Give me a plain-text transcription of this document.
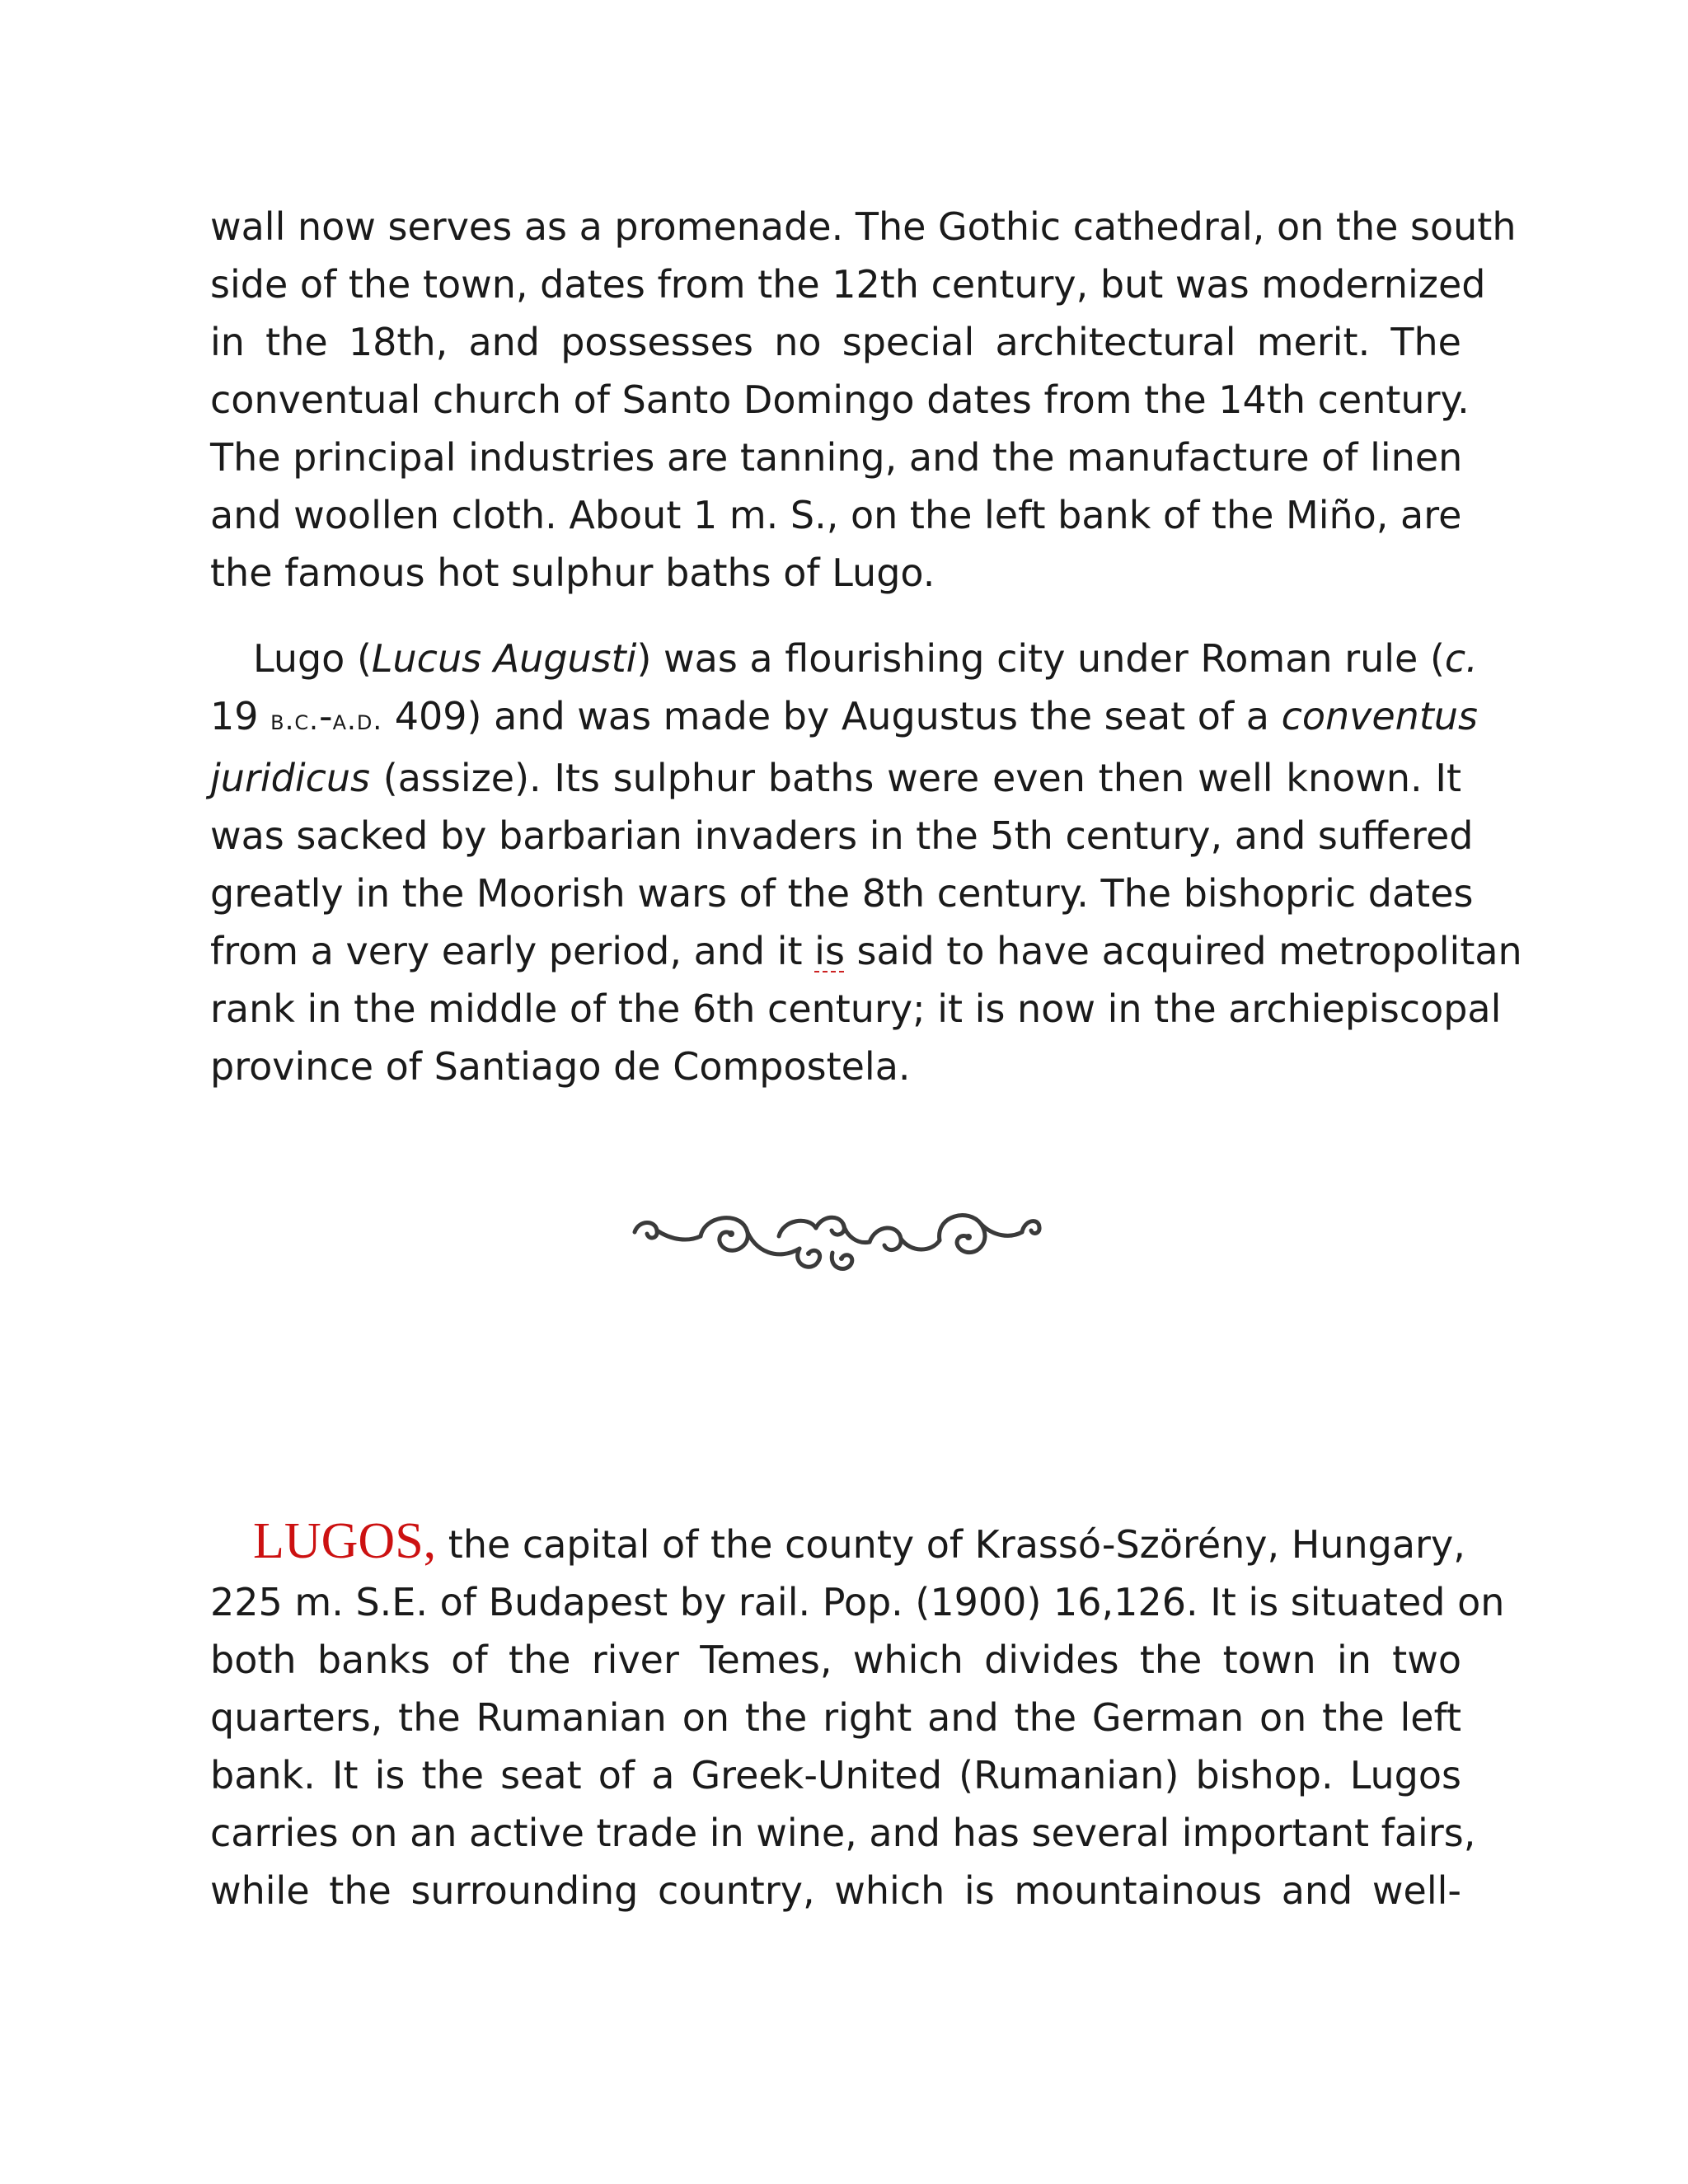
wall now serves as a promenade. The Gothic cathedral, on the south
side of the town, dates from the 12th century, but was modernized
in the 18th, and possesses no special architectural merit. The
conventual church of Santo Domingo dates from the 14th century.
The principal industries are tanning, and the manufacture of linen
and woollen cloth. About 1 m. S., on the left bank of the Miño, are
the famous hot sulphur baths of Lugo.

Lugo (Lucus Augusti) was a flourishing city under Roman rule (c.
19 b.c.-a.d. 409) and was made by Augustus the seat of a conventus
juridicus (assize). Its sulphur baths were even then well known. It
was sacked by barbarian invaders in the 5th century, and suffered
greatly in the Moorish wars of the 8th century. The bishopric dates
from a very early period, and it is said to have acquired metropolitan
rank in the middle of the 6th century; it is now in the archiepiscopal
province of Santiago de Compostela.

LUGOS, the capital of the county of Krassó-Szörény, Hungary,
225 m. S.E. of Budapest by rail. Pop. (1900) 16,126. It is situated on
both banks of the river Temes, which divides the town in two
quarters, the Rumanian on the right and the German on the left
bank. It is the seat of a Greek-United (Rumanian) bishop. Lugos
carries on an active trade in wine, and has several important fairs,
while the surrounding country, which is mountainous and well-
